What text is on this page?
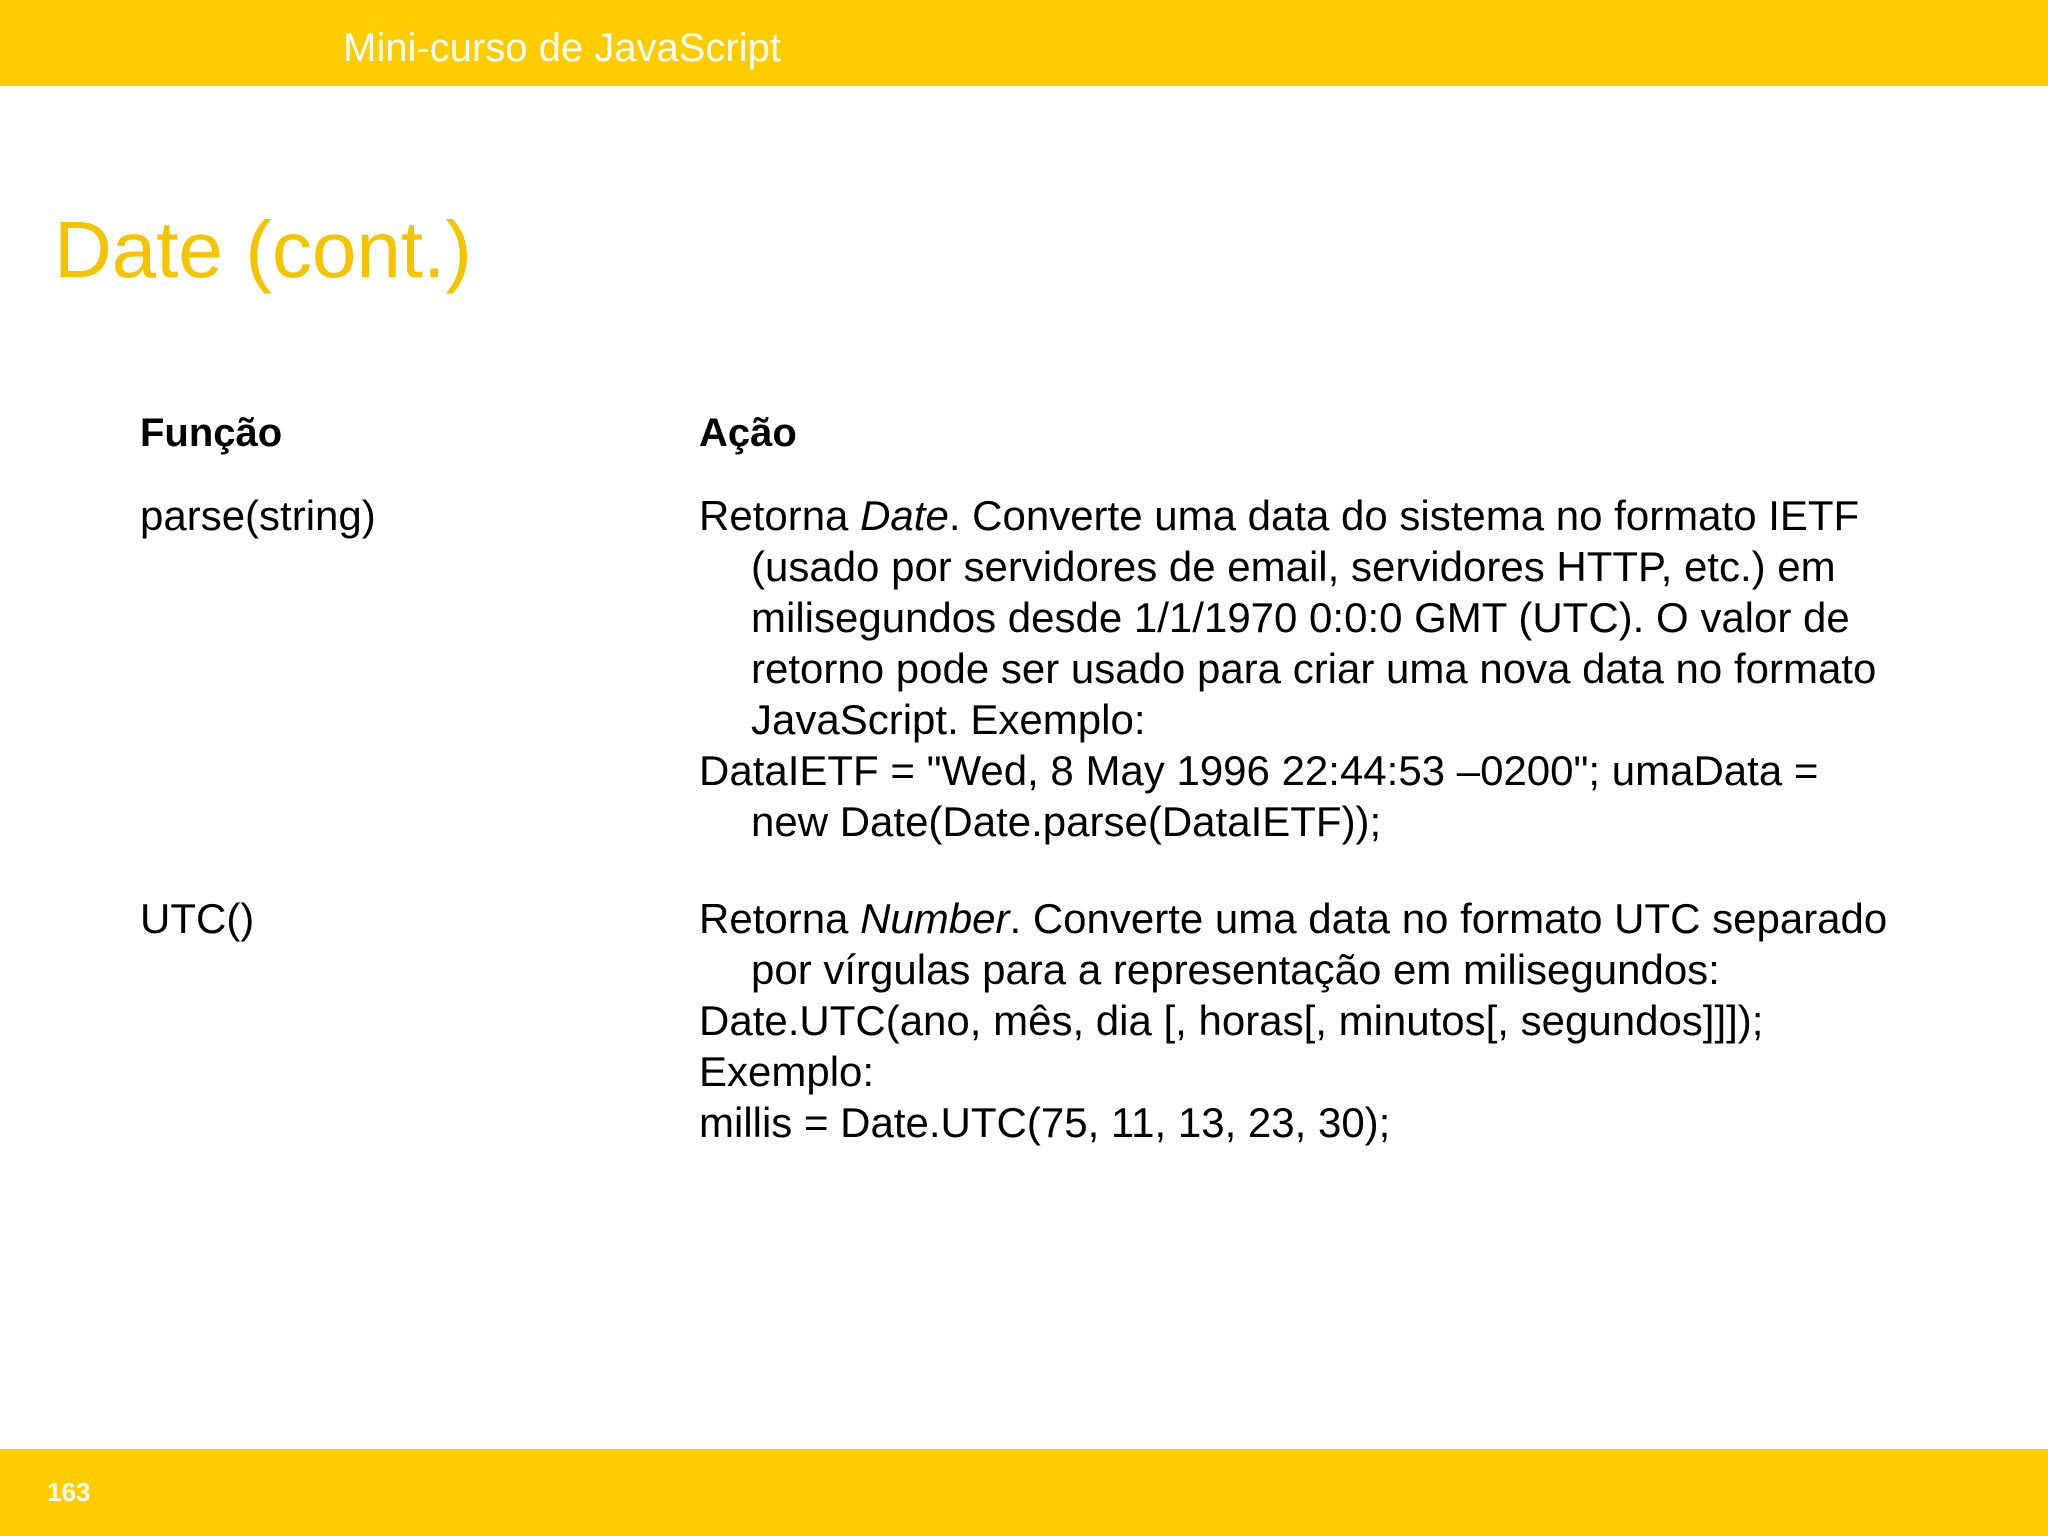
Mini-curso de JavaScript
Date (cont.)
Função	Ação
parse(string)	Retorna Date. Converte uma data do sistema no formato IETF (usado por servidores de email, servidores HTTP, etc.) em milisegundos desde 1/1/1970 0:0:0 GMT (UTC). O valor de retorno pode ser usado para criar uma nova data no formato JavaScript. Exemplo:

DataIETF = "Wed, 8 May 1996 22:44:53 –0200"; umaData = new Date(Date.parse(DataIETF));

UTC()	Retorna Number. Converte uma data no formato UTC separado por vírgulas para a representação em milisegundos:

Date.UTC(ano, mês, dia [, horas[, minutos[, segundos]]]);

Exemplo:

millis = Date.UTC(75, 11, 13, 23, 30);

163
